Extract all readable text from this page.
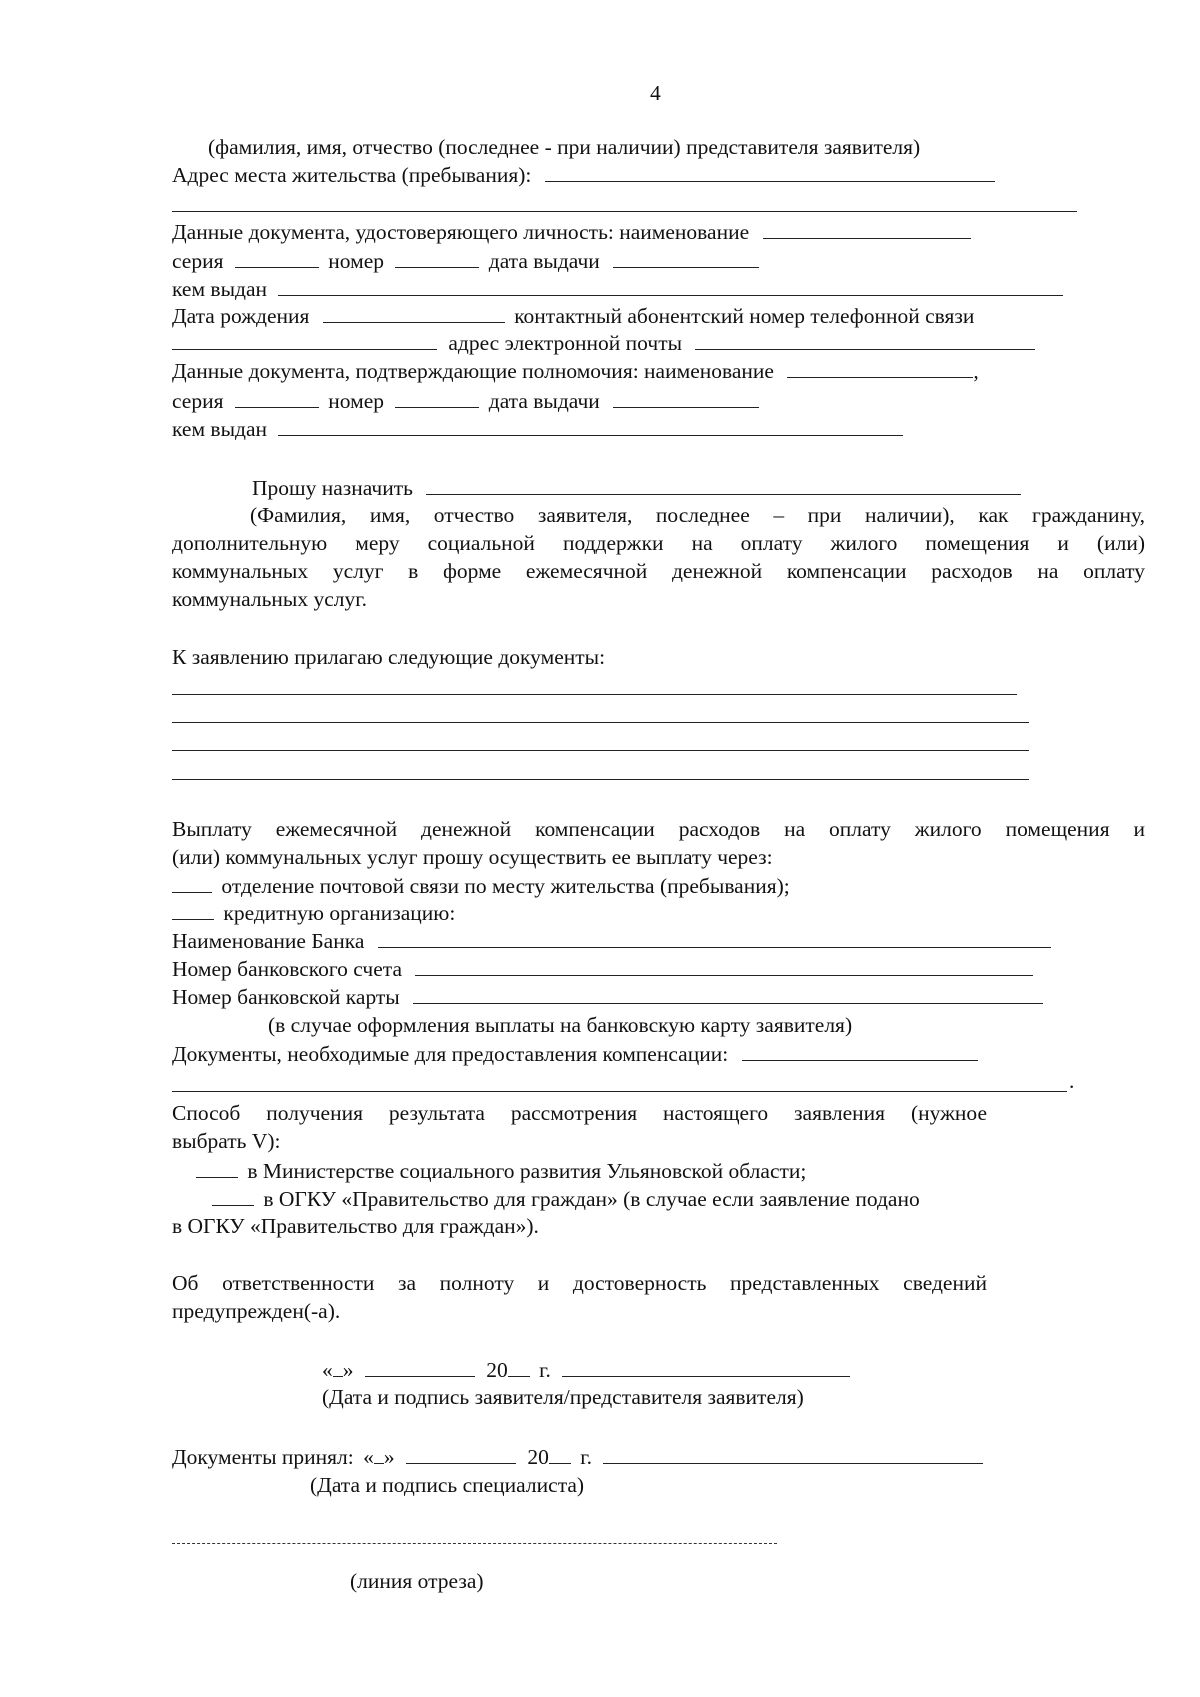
4
(фамилия, имя, отчество (последнее - при наличии) представителя заявителя)
Адрес места жительства (пребывания):
Данные документа, удостоверяющего личность: наименование
серия	номер	дата выдачи
кем выдан
Дата рождения	контактный абонентский номер телефонной связи
адрес электронной почты
Данные документа, подтверждающие полномочия: наименование	,
серия	номер	дата выдачи
кем выдан
Прошу назначить
(Фамилия, имя, отчество заявителя, последнее – при наличии), как гражданину,
дополнительную меру социальной поддержки на оплату жилого помещения и (или)
коммунальных услуг в форме ежемесячной денежной компенсации расходов на оплату
коммунальных услуг.
К заявлению прилагаю следующие документы:
Выплату ежемесячной денежной компенсации расходов на оплату жилого помещения и
(или) коммунальных услуг прошу осуществить ее выплату через:
отделение почтовой связи по месту жительства (пребывания);
кредитную организацию:
Наименование Банка
Номер банковского счета
Номер банковской карты
(в случае оформления выплаты на банковскую карту заявителя)
Документы, необходимые для предоставления компенсации:
.
Способ получения результата рассмотрения настоящего заявления (нужное
выбрать V):
в Министерстве социального развития Ульяновской области;
в ОГКУ «Правительство для граждан» (в случае если заявление подано
в ОГКУ «Правительство для граждан»).
Об ответственности за полноту и достоверность представленных сведений
предупрежден(-а).
« »	20 г.
(Дата и подпись заявителя/представителя заявителя)
Документы принял: « »	20 г.
(Дата и подпись специалиста)
(линия отреза)
